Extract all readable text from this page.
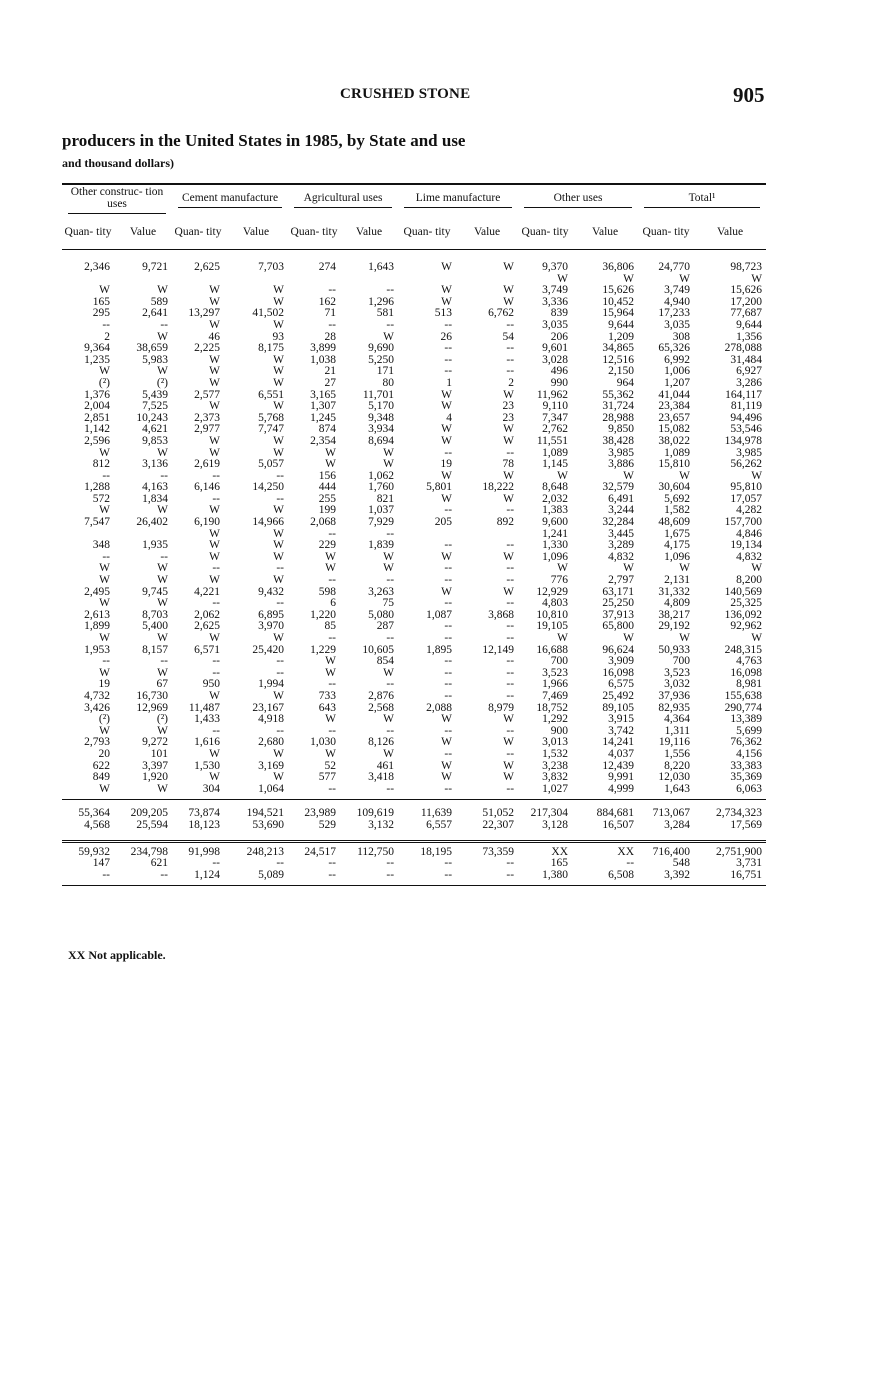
CRUSHED STONE	905
producers in the United States in 1985, by State and use
and thousand dollars)
Other construc- tion uses		Cement manufacture		Agricultural uses		Lime manufacture		Other uses		Total¹	

Quan- tity	Value	Quan- tity	Value	Quan- tity	Value	Quan- tity	Value	Quan- tity	Value	Quan- tity	Value

2,346	9,721	2,625	7,703	274	1,643	W	W	9,370	36,806	24,770	98,723
								W	W	W	W
W	W	W	W	--	--	W	W	3,749	15,626	3,749	15,626
165	589	W	W	162	1,296	W	W	3,336	10,452	4,940	17,200
295	2,641	13,297	41,502	71	581	513	6,762	839	15,964	17,233	77,687
--	--	W	W	--	--	--	--	3,035	9,644	3,035	9,644
2	W	46	93	28	W	26	54	206	1,209	308	1,356
9,364	38,659	2,225	8,175	3,899	9,690	--	--	9,601	34,865	65,326	278,088
1,235	5,983	W	W	1,038	5,250	--	--	3,028	12,516	6,992	31,484
W	W	W	W	21	171	--	--	496	2,150	1,006	6,927
(²)	(²)	W	W	27	80	1	2	990	964	1,207	3,286
1,376	5,439	2,577	6,551	3,165	11,701	W	W	11,962	55,362	41,044	164,117
2,004	7,525	W	W	1,307	5,170	W	23	9,110	31,724	23,384	81,119
2,851	10,243	2,373	5,768	1,245	9,348	4	23	7,347	28,988	23,657	94,496
1,142	4,621	2,977	7,747	874	3,934	W	W	2,762	9,850	15,082	53,546
2,596	9,853	W	W	2,354	8,694	W	W	11,551	38,428	38,022	134,978
W	W	W	W	W	W	--	--	1,089	3,985	1,089	3,985
812	3,136	2,619	5,057	W	W	19	78	1,145	3,886	15,810	56,262
--	--	--	--	156	1,062	W	W	W	W	W	W
1,288	4,163	6,146	14,250	444	1,760	5,801	18,222	8,648	32,579	30,604	95,810
572	1,834	--	--	255	821	W	W	2,032	6,491	5,692	17,057
W	W	W	W	199	1,037	--	--	1,383	3,244	1,582	4,282
7,547	26,402	6,190	14,966	2,068	7,929	205	892	9,600	32,284	48,609	157,700
		W	W	--	--			1,241	3,445	1,675	4,846
348	1,935	W	W	229	1,839	--	--	1,330	3,289	4,175	19,134
--	--	W	W	W	W	W	W	1,096	4,832	1,096	4,832
W	W	--	--	W	W	--	--	W	W	W	W
W	W	W	W	--	--	--	--	776	2,797	2,131	8,200
2,495	9,745	4,221	9,432	598	3,263	W	W	12,929	63,171	31,332	140,569
W	W	--	--	6	75	--	--	4,803	25,250	4,809	25,325
2,613	8,703	2,062	6,895	1,220	5,080	1,087	3,868	10,810	37,913	38,217	136,092
1,899	5,400	2,625	3,970	85	287	--	--	19,105	65,800	29,192	92,962
W	W	W	W	--	--	--	--	W	W	W	W
1,953	8,157	6,571	25,420	1,229	10,605	1,895	12,149	16,688	96,624	50,933	248,315
--	--	--	--	W	854	--	--	700	3,909	700	4,763
W	W	--	--	W	W	--	--	3,523	16,098	3,523	16,098
19	67	950	1,994	--	--	--	--	1,966	6,575	3,032	8,981
4,732	16,730	W	W	733	2,876	--	--	7,469	25,492	37,936	155,638
3,426	12,969	11,487	23,167	643	2,568	2,088	8,979	18,752	89,105	82,935	290,774
(²)	(²)	1,433	4,918	W	W	W	W	1,292	3,915	4,364	13,389
W	W	--	--	--	--	--	--	900	3,742	1,311	5,699
2,793	9,272	1,616	2,680	1,030	8,126	W	W	3,013	14,241	19,116	76,362
20	101	W	W	W	W	--	--	1,532	4,037	1,556	4,156
622	3,397	1,530	3,169	52	461	W	W	3,238	12,439	8,220	33,383
849	1,920	W	W	577	3,418	W	W	3,832	9,991	12,030	35,369
W	W	304	1,064	--	--	--	--	1,027	4,999	1,643	6,063

55,364	209,205	73,874	194,521	23,989	109,619	11,639	51,052	217,304	884,681	713,067	2,734,323
4,568	25,594	18,123	53,690	529	3,132	6,557	22,307	3,128	16,507	3,284	17,569

59,932	234,798	91,998	248,213	24,517	112,750	18,195	73,359	XX	XX	716,400	2,751,900
147	621	--	--	--	--	--	--	165	--	548	3,731
--	--	1,124	5,089	--	--	--	--	1,380	6,508	3,392	16,751

XX Not applicable.
